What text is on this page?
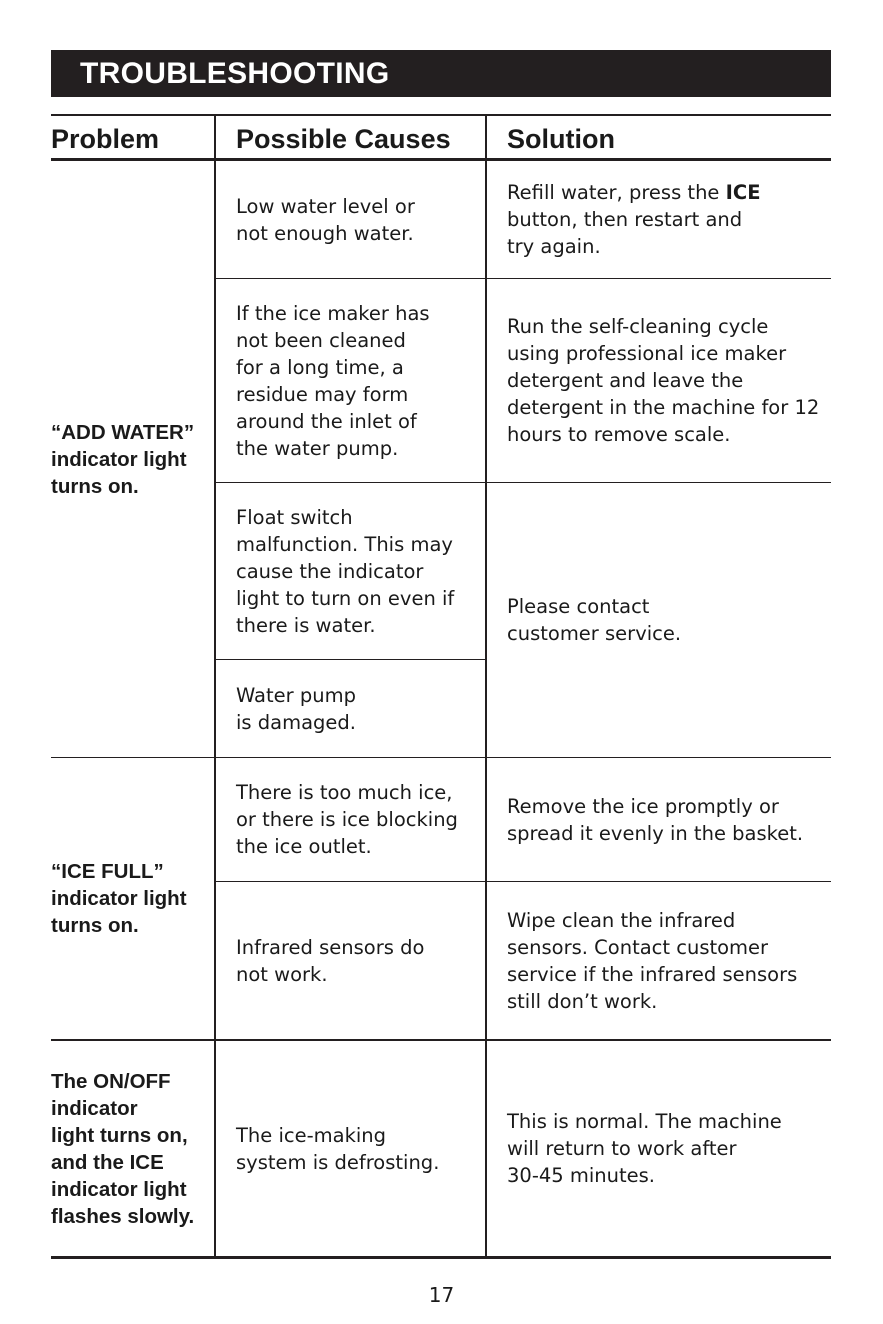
TROUBLESHOOTING
Problem	Possible Causes Solution

“ADD WATER”

indicator light

turns on.

“ICE FULL”

indicator light

turns on.

The ON/OFF

indicator

light turns on,

and the ICE

indicator light

flashes slowly.

Low water level or

not enough water.

If the ice maker has

not been cleaned

for a long time, a

residue may form

around the inlet of

the water pump.

Float switch

malfunction. This may

cause the indicator

light to turn on even if

there is water.

Water pump

is damaged.

There is too much ice,

or there is ice blocking

the ice outlet.

Infrared sensors do

not work.

The ice-making

system is defrosting.

Refill water, press the ICE

button, then restart and

try again.

Run the self-cleaning cycle

using professional ice maker

detergent and leave the

detergent in the machine for 12

hours to remove scale.

Please contact

customer service.

Remove the ice promptly or

spread it evenly in the basket.

Wipe clean the infrared

sensors. Contact customer

service if the infrared sensors

still don’t work.

This is normal. The machine

will return to work after

30-45 minutes.

17
